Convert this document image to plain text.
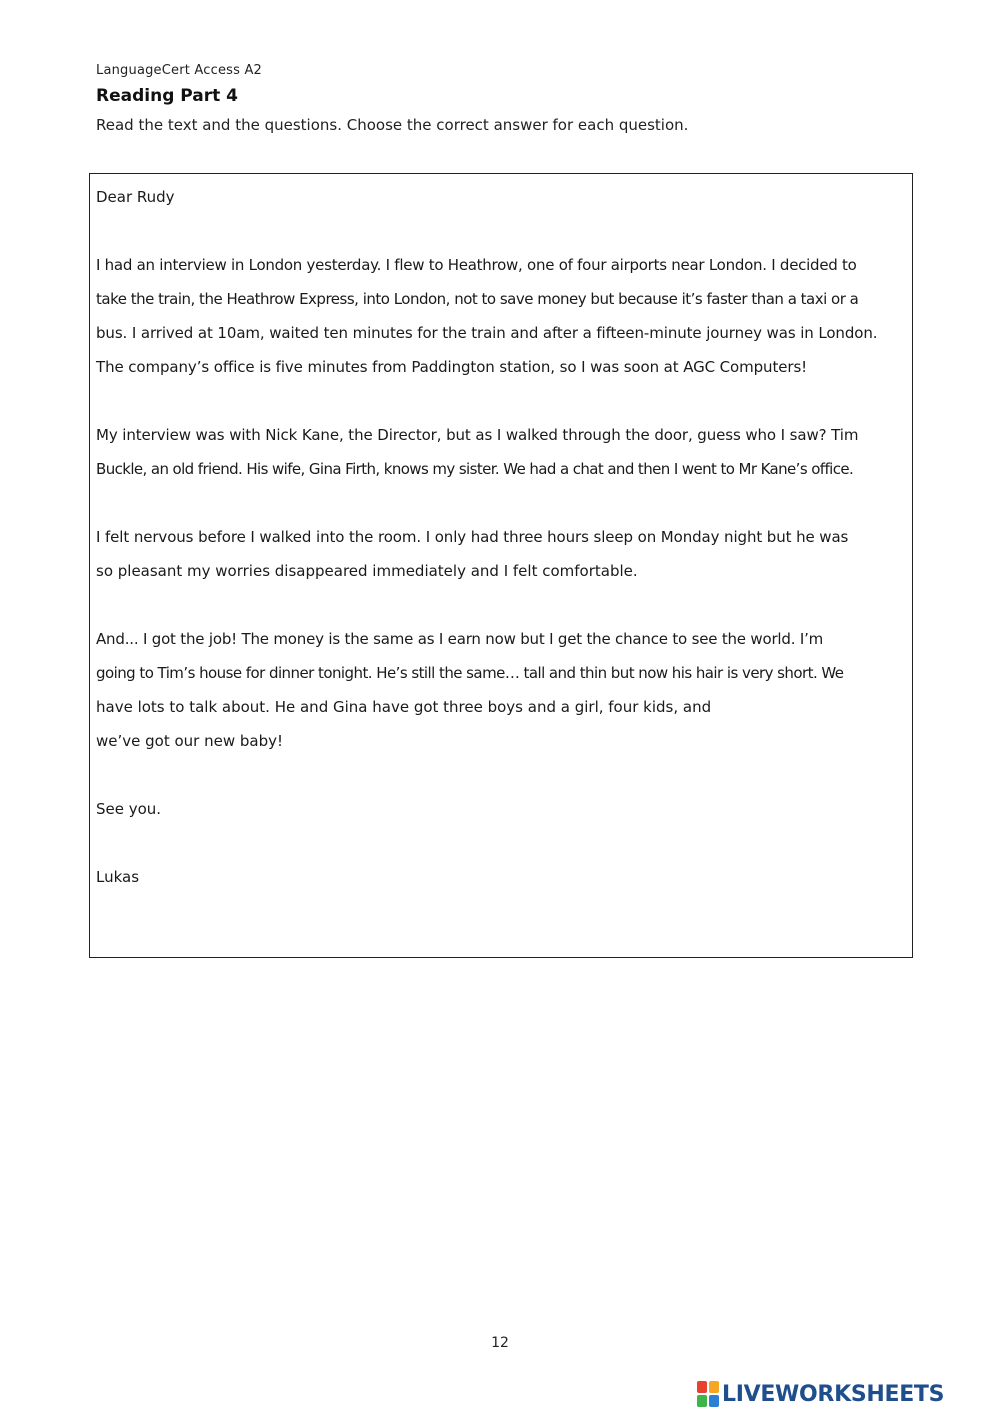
LanguageCert Access A2
Reading Part 4
Read the text and the questions. Choose the correct answer for each question.
Dear Rudy
I had an interview in London yesterday. I flew to Heathrow, one of four airports near London. I decided to
take the train, the Heathrow Express, into London, not to save money but because it’s faster than a taxi or a
bus. I arrived at 10am, waited ten minutes for the train and after a fifteen-minute journey was in London.
The company’s office is five minutes from Paddington station, so I was soon at AGC Computers!
My interview was with Nick Kane, the Director, but as I walked through the door, guess who I saw? Tim
Buckle, an old friend. His wife, Gina Firth, knows my sister. We had a chat and then I went to Mr Kane’s office.
I felt nervous before I walked into the room. I only had three hours sleep on Monday night but he was
so pleasant my worries disappeared immediately and I felt comfortable.
And... I got the job! The money is the same as I earn now but I get the chance to see the world. I’m
going to Tim’s house for dinner tonight. He’s still the same… tall and thin but now his hair is very short. We
have lots to talk about. He and Gina have got three boys and a girl, four kids, and
we’ve got our new baby!
See you.
Lukas
12
LIVEWORKSHEETS
